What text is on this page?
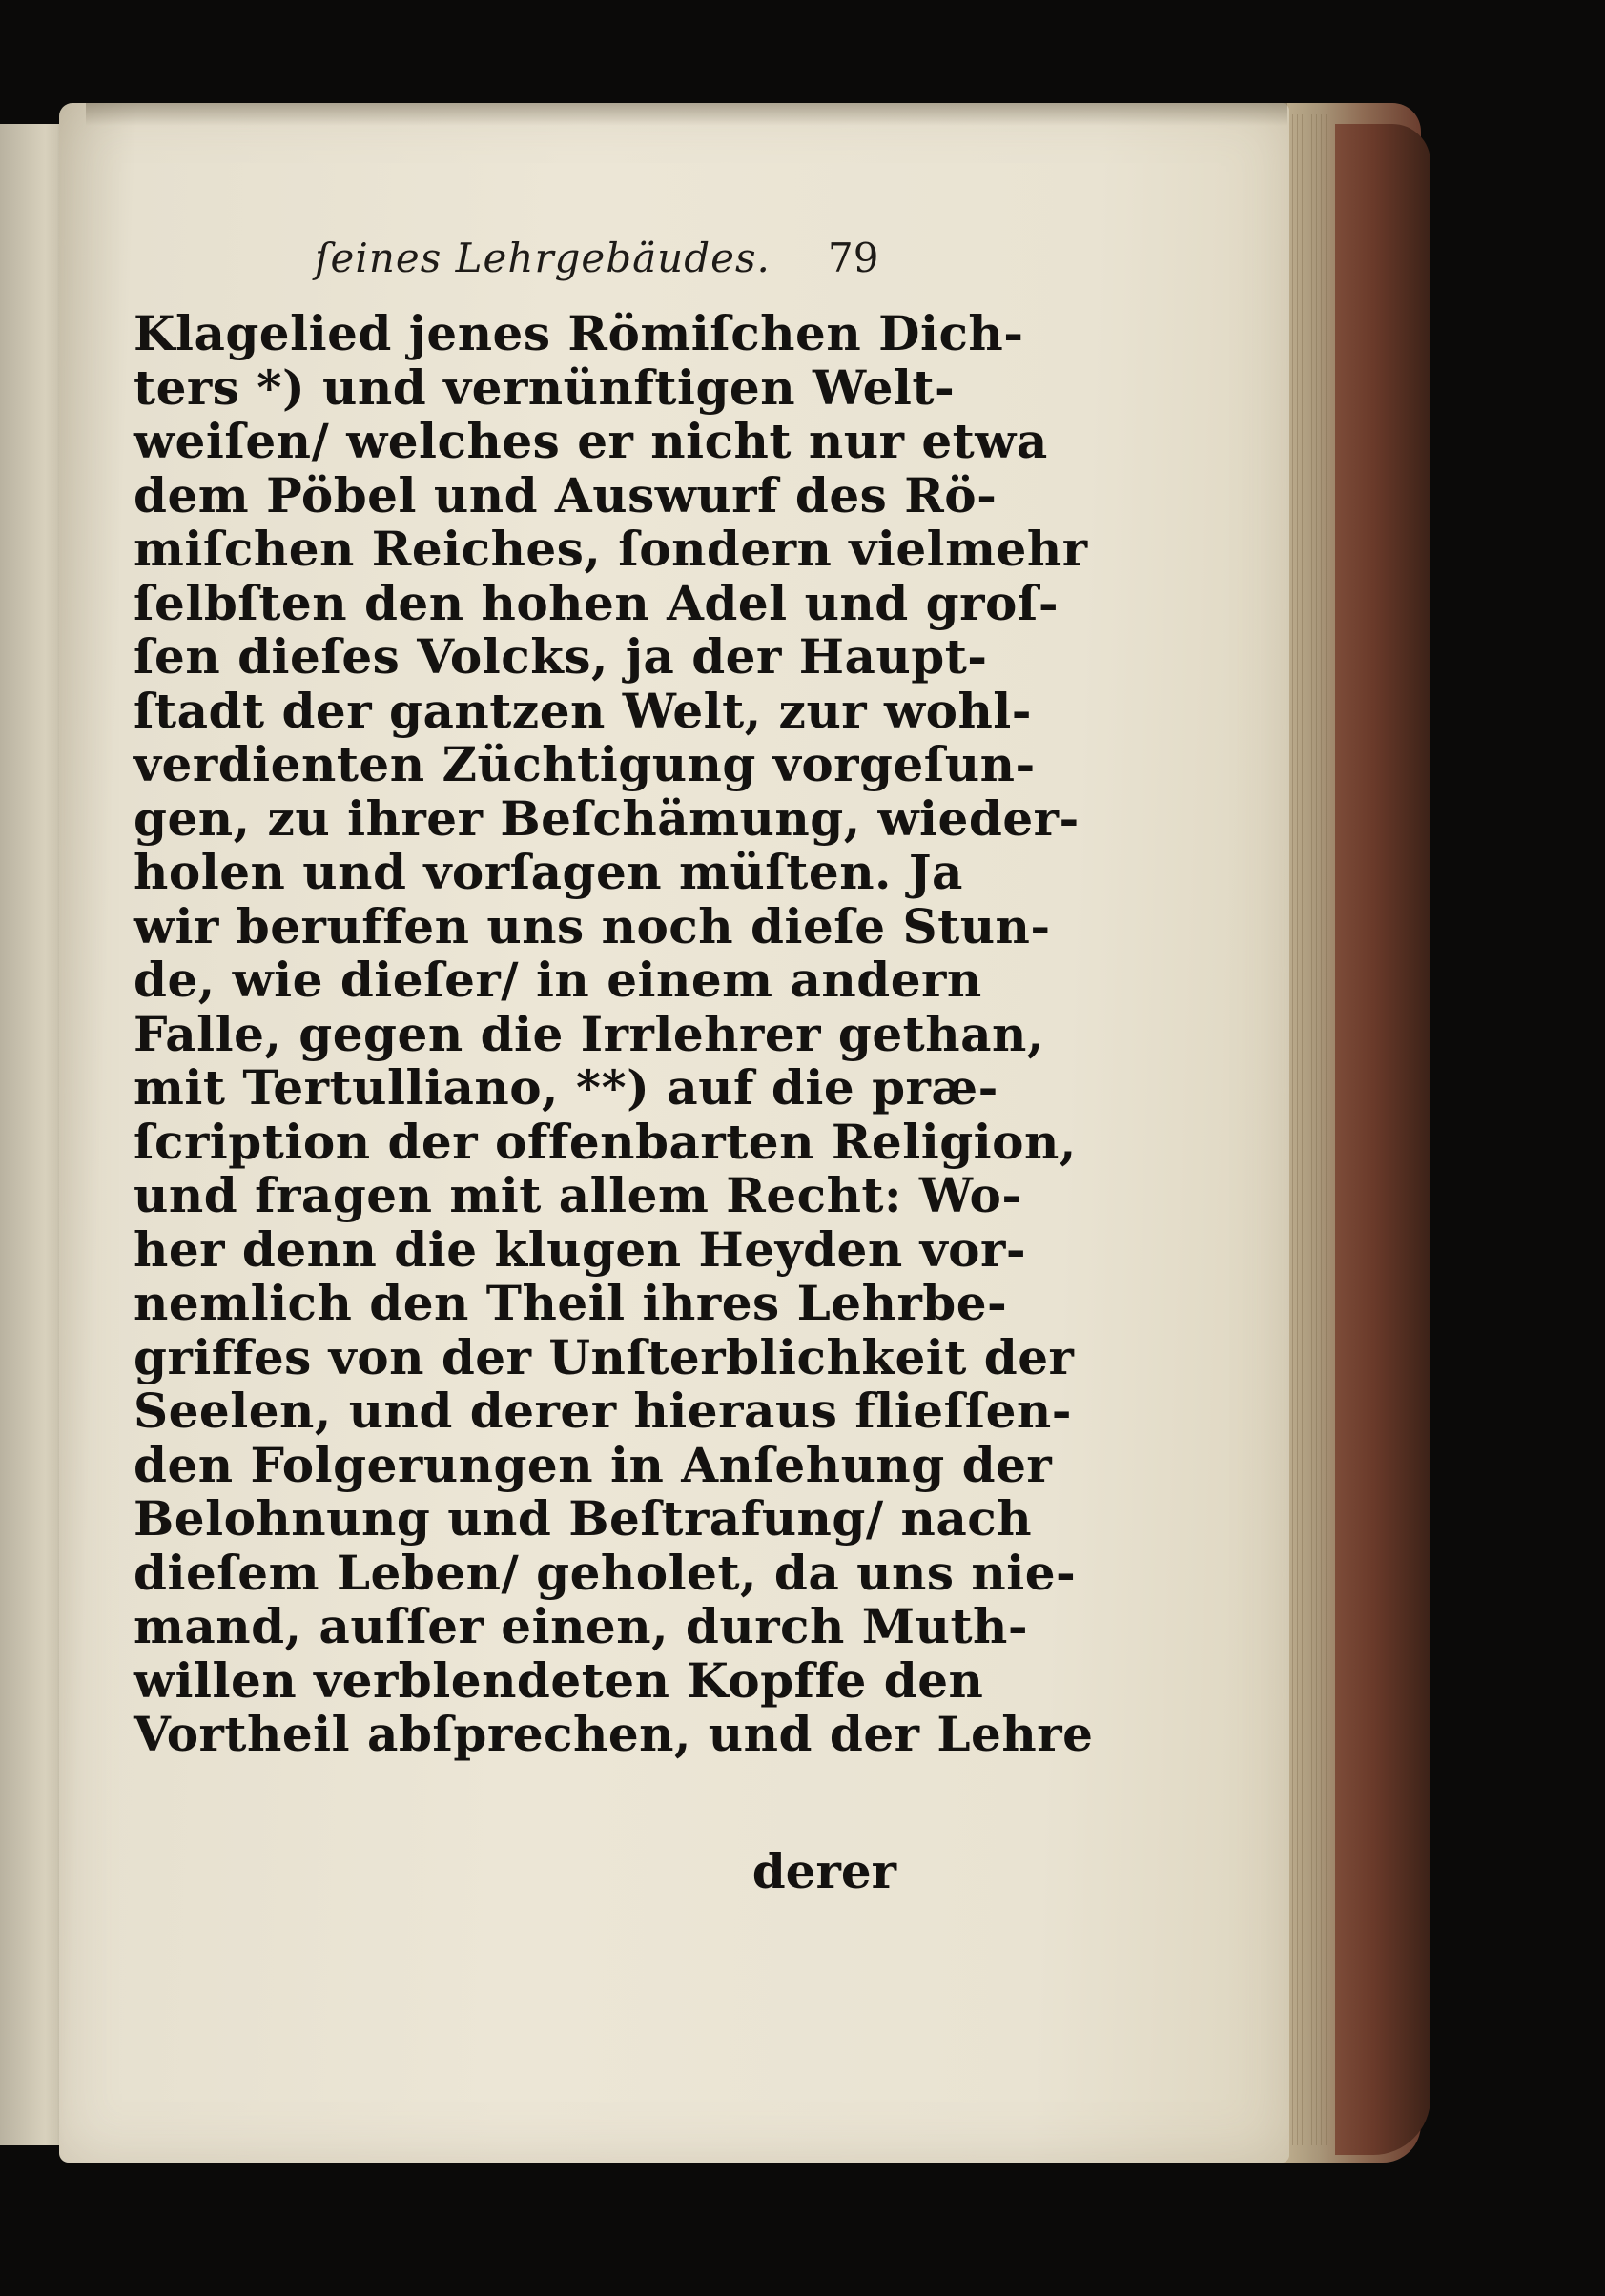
ſeines Lehrgebäudes.	79
Klagelied jenes Römiſchen Dich-
ters *) und vernünftigen Welt-
weiſen/ welches er nicht nur etwa
dem Pöbel und Auswurf des Rö-
miſchen Reiches, ſondern vielmehr
ſelbſten den hohen Adel und groſ-
ſen dieſes Volcks, ja der Haupt-
ſtadt der gantzen Welt, zur wohl-
verdienten Züchtigung vorgeſun-
gen, zu ihrer Beſchämung, wieder-
holen und vorſagen müſten. Ja
wir beruffen uns noch dieſe Stun-
de, wie dieſer/ in einem andern
Falle, gegen die Irrlehrer gethan,
mit Tertulliano, **) auf die præ-
ſcription der offenbarten Religion,
und fragen mit allem Recht: Wo-
her denn die klugen Heyden vor-
nemlich den Theil ihres Lehrbe-
griffes von der Unſterblichkeit der
Seelen, und derer hieraus flieſſen-
den Folgerungen in Anſehung der
Belohnung und Beſtrafung/ nach
dieſem Leben/ geholet, da uns nie-
mand, auſſer einen, durch Muth-
willen verblendeten Kopffe den
Vortheil abſprechen, und der Lehre
derer
